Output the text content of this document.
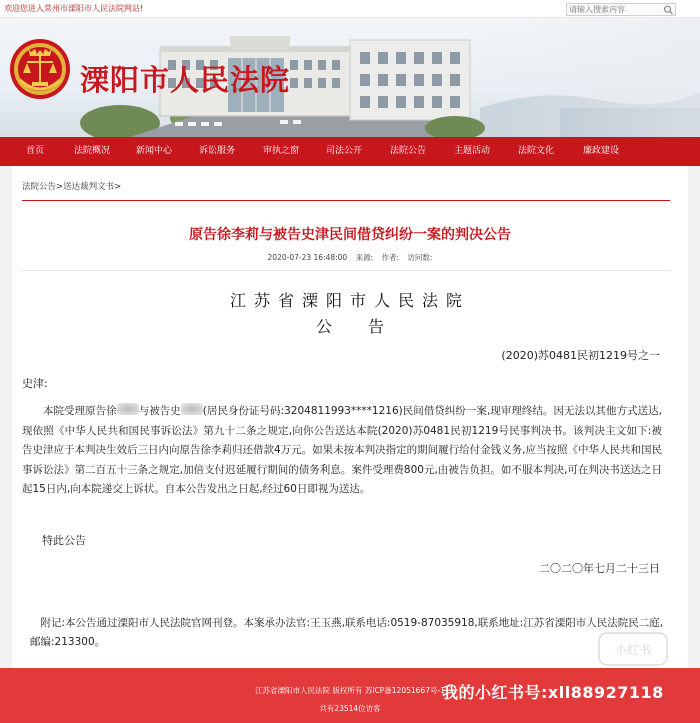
欢迎您进入常州市溧阳市人民法院网站!
请输入搜索内容
溧阳市人民法院
首页	法院概况	新闻中心	诉讼服务	审执之窗	司法公开	法院公告	主题活动	法院文化	廉政建设
法院公告>送达裁判文书>
原告徐李莉与被告史津民间借贷纠纷一案的判决公告
2020-07-23 16:48:00 来源: 作者: 访问数:
江苏省溧阳市人民法院
公告
(2020)苏0481民初1219号之一
史津:
本院受理原告徐 与被告史 (居民身份证号码:3204811993****1216)民间借贷纠纷一案,现审理终结。因无法以其他方式送达,现依照《中华人民共和国民事诉讼法》第九十二条之规定,向你公告送达本院(2020)苏0481民初1219号民事判决书。该判决主文如下:被告史津应于本判决生效后三日内向原告徐李莉归还借款4万元。如果未按本判决指定的期间履行给付金钱义务,应当按照《中华人民共和国民事诉讼法》第二百五十三条之规定,加倍支付迟延履行期间的债务利息。案件受理费800元,由被告负担。如不服本判决,可在判决书送达之日起15日内,向本院递交上诉状。自本公告发出之日起,经过60日即视为送达。
特此公告
二〇二〇年七月二十三日
附记:本公告通过溧阳市人民法院官网刊登。本案承办法官:王玉燕,联系电话:0519-87035918,联系地址:江苏省溧阳市人民法院民二庭,邮编:213300。
小红书
江苏省溧阳市人民法院 版权所有 苏ICP备12051667号-1
共有23514位访客
我的小红书号:xll88927118
